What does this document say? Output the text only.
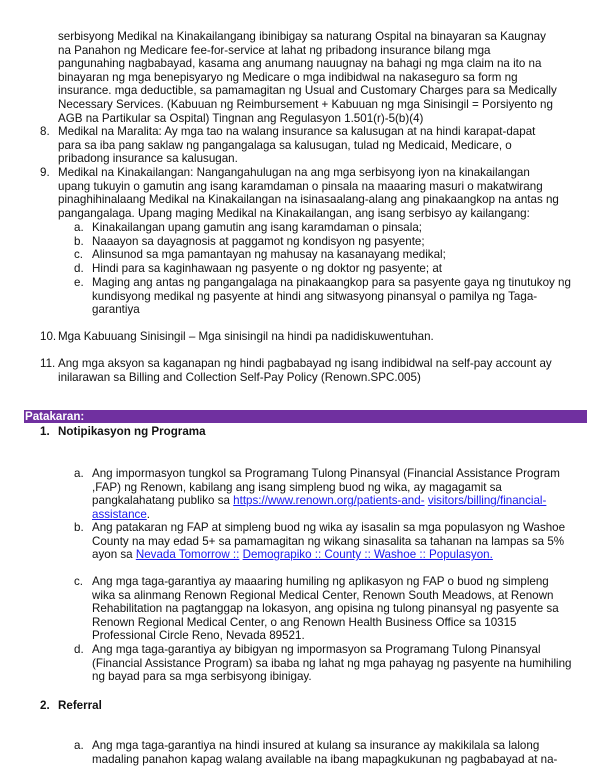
serbisyong Medikal na Kinakailangang ibinibigay sa naturang Ospital na binayaran sa Kaugnay na Panahon ng Medicare fee-for-service at lahat ng pribadong insurance bilang mga pangunahing nagbabayad, kasama ang anumang nauugnay na bahagi ng mga claim na ito na binayaran ng mga benepisyaryo ng Medicare o mga indibidwal na nakaseguro sa form ng insurance. mga deductible, sa pamamagitan ng Usual and Customary Charges para sa Medically Necessary Services. (Kabuuan ng Reimbursement + Kabuuan ng mga Sinisingil = Porsiyento ng AGB na Partikular sa Ospital) Tingnan ang Regulasyon 1.501(r)-5(b)(4)
8. Medikal na Maralita: Ay mga tao na walang insurance sa kalusugan at na hindi karapat-dapat para sa iba pang saklaw ng pangangalaga sa kalusugan, tulad ng Medicaid, Medicare, o pribadong insurance sa kalusugan.
9. Medikal na Kinakailangan: Nangangahulugan na ang mga serbisyong iyon na kinakailangan upang tukuyin o gamutin ang isang karamdaman o pinsala na maaaring masuri o makatwirang pinaghihinalaang Medikal na Kinakailangan na isinasaalang-alang ang pinakaangkop na antas ng pangangalaga. Upang maging Medikal na Kinakailangan, ang isang serbisyo ay kailangang:
a. Kinakailangan upang gamutin ang isang karamdaman o pinsala;
b. Naaayon sa dayagnosis at paggamot ng kondisyon ng pasyente;
c. Alinsunod sa mga pamantayan ng mahusay na kasanayang medikal;
d. Hindi para sa kaginhawaan ng pasyente o ng doktor ng pasyente; at
e. Maging ang antas ng pangangalaga na pinakaangkop para sa pasyente gaya ng tinutukoy ng kundisyong medikal ng pasyente at hindi ang sitwasyong pinansyal o pamilya ng Taga-garantiya
10. Mga Kabuuang Sinisingil – Mga sinisingil na hindi pa nadidiskuwentuhan.
11. Ang mga aksyon sa kaganapan ng hindi pagbabayad ng isang indibidwal na self-pay account ay inilarawan sa Billing and Collection Self-Pay Policy (Renown.SPC.005)
Patakaran:
1. Notipikasyon ng Programa
a. Ang impormasyon tungkol sa Programang Tulong Pinansyal (Financial Assistance Program ,FAP) ng Renown, kabilang ang isang simpleng buod ng wika, ay magagamit sa pangkalahatang publiko sa https://www.renown.org/patients-and- visitors/billing/financial-assistance.
b. Ang patakaran ng FAP at simpleng buod ng wika ay isasalin sa mga populasyon ng Washoe County na may edad 5+ sa pamamagitan ng wikang sinasalita sa tahanan na lampas sa 5% ayon sa Nevada Tomorrow :: Demograpiko :: County :: Washoe :: Populasyon.
c. Ang mga taga-garantiya ay maaaring humiling ng aplikasyon ng FAP o buod ng simpleng wika sa alinmang Renown Regional Medical Center, Renown South Meadows, at Renown Rehabilitation na pagtanggap na lokasyon, ang opisina ng tulong pinansyal ng pasyente sa Renown Regional Medical Center, o ang Renown Health Business Office sa 10315 Professional Circle Reno, Nevada 89521.
d. Ang mga taga-garantiya ay bibigyan ng impormasyon sa Programang Tulong Pinansyal (Financial Assistance Program) sa ibaba ng lahat ng mga pahayag ng pasyente na humihiling ng bayad para sa mga serbisyong ibinigay.
2. Referral
a. Ang mga taga-garantiya na hindi insured at kulang sa insurance ay makikilala sa lalong madaling panahon kapag walang available na ibang mapagkukunan ng pagbabayad at na-
